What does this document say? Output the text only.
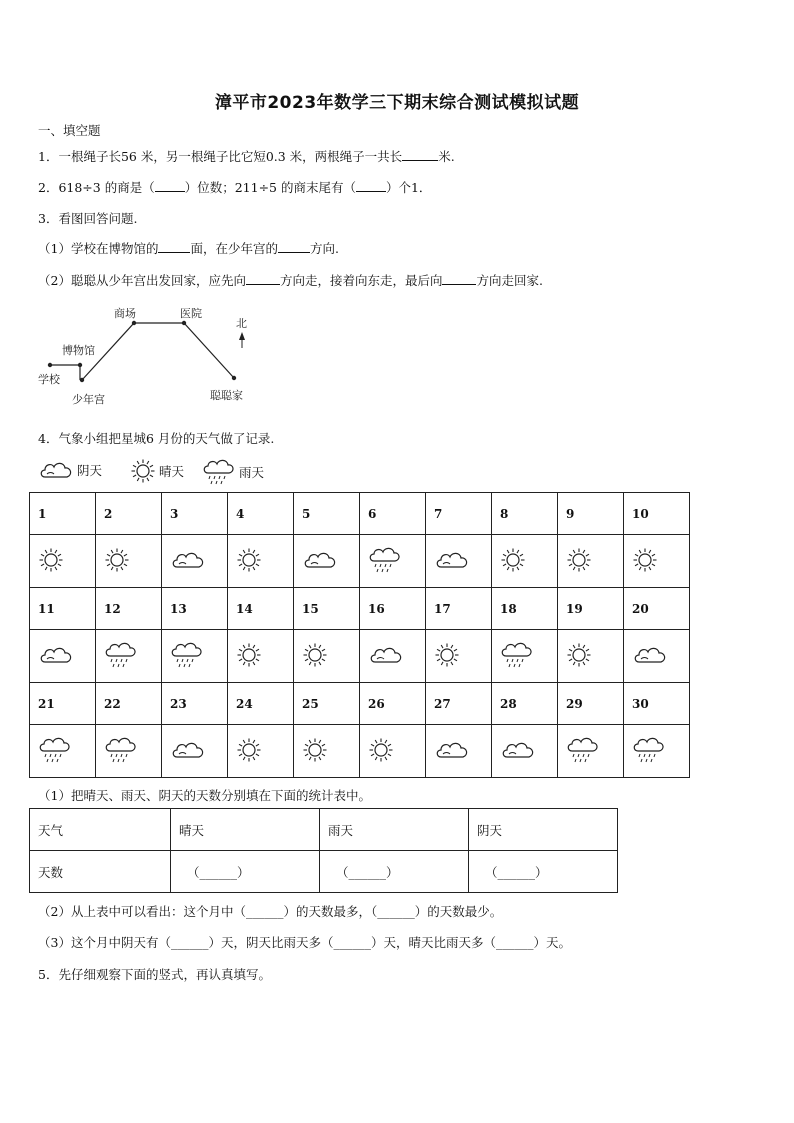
漳平市2023年数学三下期末综合测试模拟试题
一、填空题
1．一根绳子长56 米，另一根绳子比它短0.3 米，两根绳子一共长	米.
2．618÷3 的商是（ ）位数；211÷5 的商末尾有（ ）个1．
3．看图回答问题.
（1）学校在博物馆的	面，在少年宫的	方向.
（2）聪聪从少年宫出发回家，应先向	方向走，接着向东走，最后向	方向走回家.
学校
博物馆
少年宫
商场	医院
聪聪家
北
4．气象小组把星城6 月份的天气做了记录.
阴天	晴天	雨天
1	2	3	4	5	6	7	8	9	10

11	12	13	14	15	16	17	18	19	20

21	22	23	24	25	26	27	28	29	30

（1）把晴天、雨天、阴天的天数分别填在下面的统计表中。
天气	晴天	雨天	阴天
天数	（______）	（______）	（______）
（2）从上表中可以看出：这个月中（______）的天数最多，（______）的天数最少。
（3）这个月中阴天有（______）天，阴天比雨天多（______）天，晴天比雨天多（______）天。
5．先仔细观察下面的竖式，再认真填写。
